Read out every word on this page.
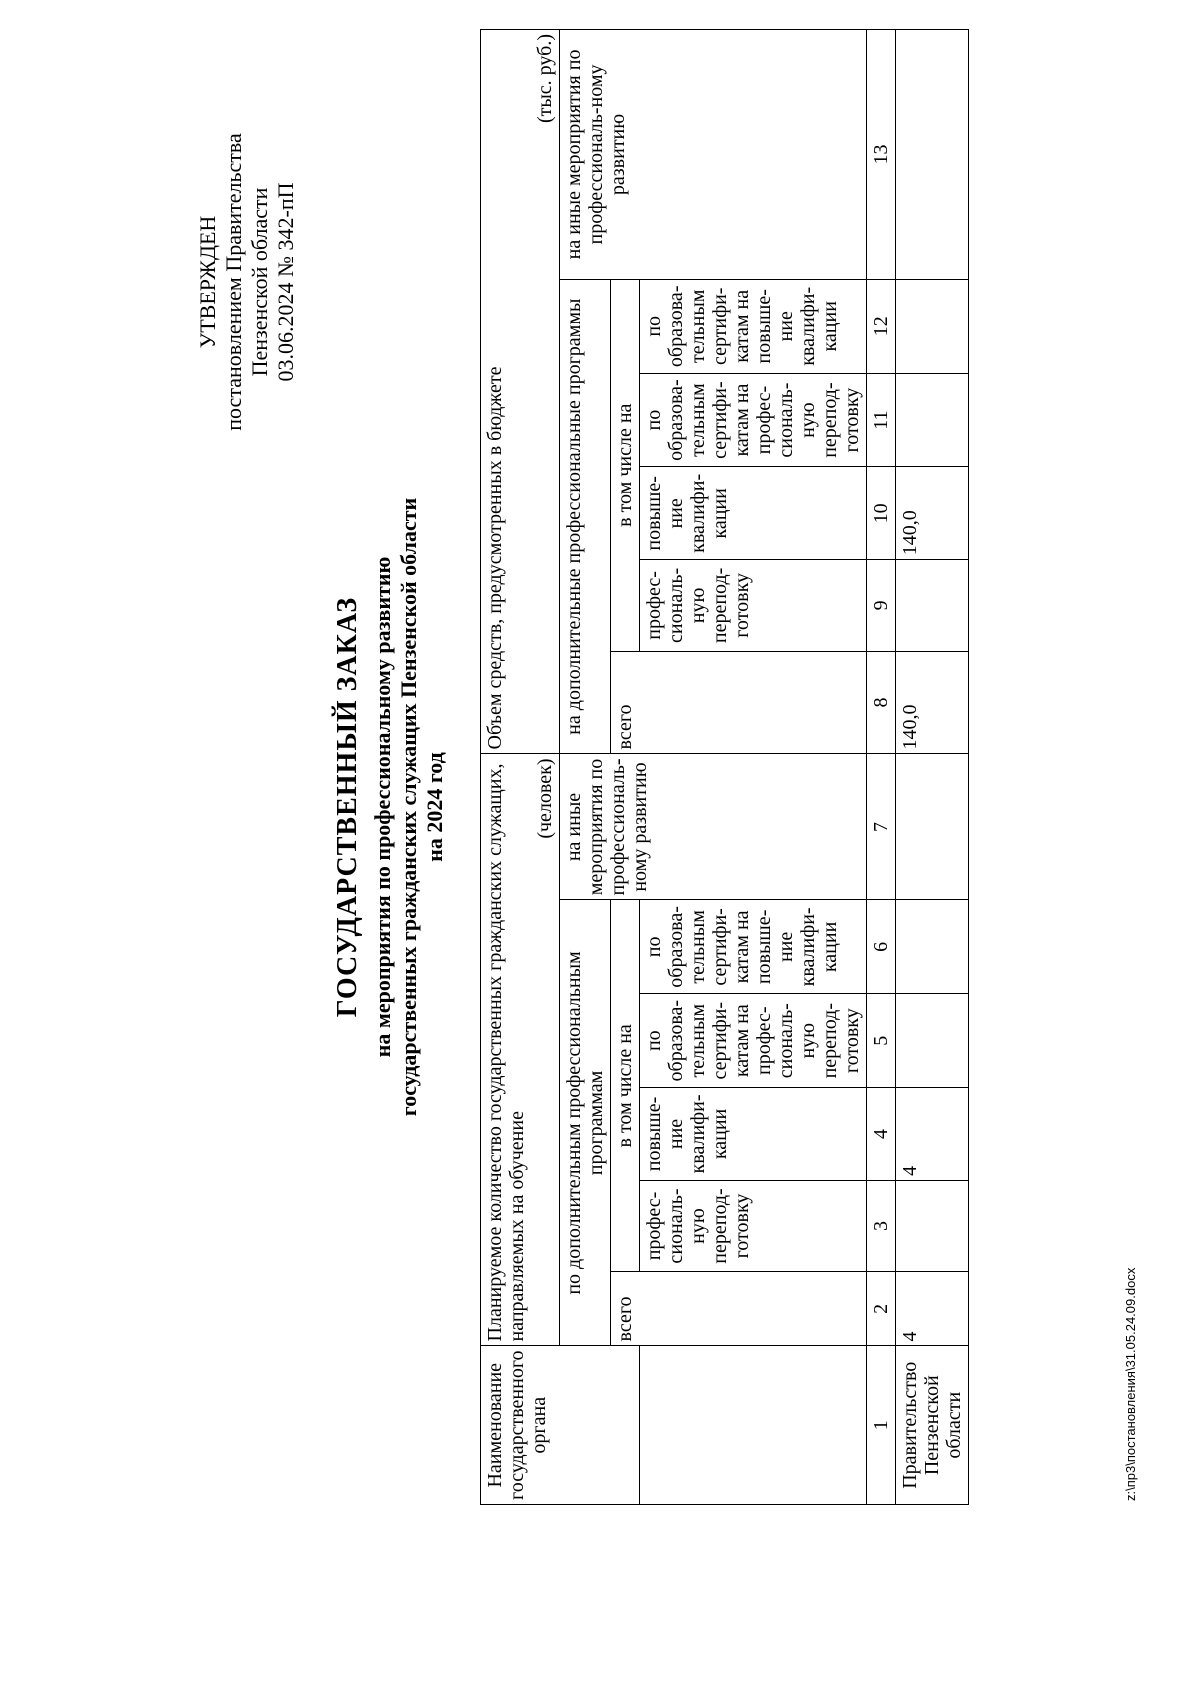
УТВЕРЖДЕН постановлением Правительства Пензенской области 03.06.2024 № 342-пП
ГОСУДАРСТВЕННЫЙ ЗАКАЗ на мероприятия по профессиональному развитию государственных гражданских служащих Пензенской области на 2024 год
Наименование государственного органа	Планируемое количество государственных гражданских служащих, направляемых на обучение						Объем средств, предусмотренных в бюджете					
	(человек)						(тыс. руб.)					
	по дополнительным профессиональным программам					на иные мероприятия по профессиональ-ному развитию	на дополнительные профессиональные программы					на иные мероприятия по профессиональ-ному развитию
	всего	в том числе на					всего	в том числе на				
		профес-сиональ-ную перепод-готовку	повыше-ние квалифи-кации	по образова-тельным сертифи-катам на профес-сиональ-ную перепод-готовку	по образова-тельным сертифи-катам на повыше-ние квалифи-кации			профес-сиональ-ную перепод-готовку	повыше-ние квалифи-кации	по образова-тельным сертифи-катам на профес-сиональ-ную перепод-готовку	по образова-тельным сертифи-катам на повыше-ние квалифи-кации	
1	2	3	4	5	6	7	8	9	10	11	12	13
Правительство Пензенской области	4		4				140,0		140,0			
z:\пр3\постановления\31.05.24.09.docx
